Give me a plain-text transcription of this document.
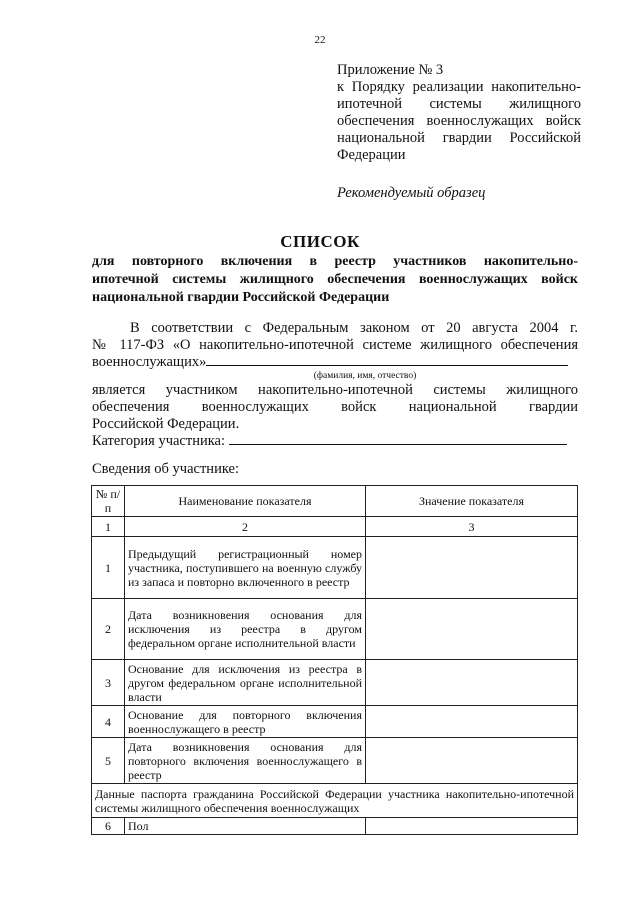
22
Приложение № 3
к Порядку реализации накопительно-
ипотечной системы жилищного
обеспечения военнослужащих войск
национальной гвардии Российской
Федерации
Рекомендуемый образец
СПИСОК
для повторного включения в реестр участников накопительно-
ипотечной системы жилищного обеспечения военнослужащих войск
национальной гвардии Российской Федерации
В соответствии с Федеральным законом от 20 августа 2004 г.
№ 117-ФЗ «О накопительно-ипотечной системе жилищного обеспечения
военнослужащих»
(фамилия, имя, отчество)
является участником накопительно-ипотечной системы жилищного
обеспечения военнослужащих войск национальной гвардии
Российской Федерации.
Категория участника:
Сведения об участнике:
№ п/п	Наименование показателя	Значение показателя
1	2	3
1	Предыдущий регистрационный номер участника, поступившего на военную службу из запаса и повторно включенного в реестр	
2	Дата возникновения основания для исключения из реестра в другом федеральном органе исполнительной власти	
3	Основание для исключения из реестра в другом федеральном органе исполнительной власти	
4	Основание для повторного включения военнослужащего в реестр	
5	Дата возникновения основания для повторного включения военнослужащего в реестр	
Данные паспорта гражданина Российской Федерации участника накопительно-ипотечной системы жилищного обеспечения военнослужащих		
6	Пол	
